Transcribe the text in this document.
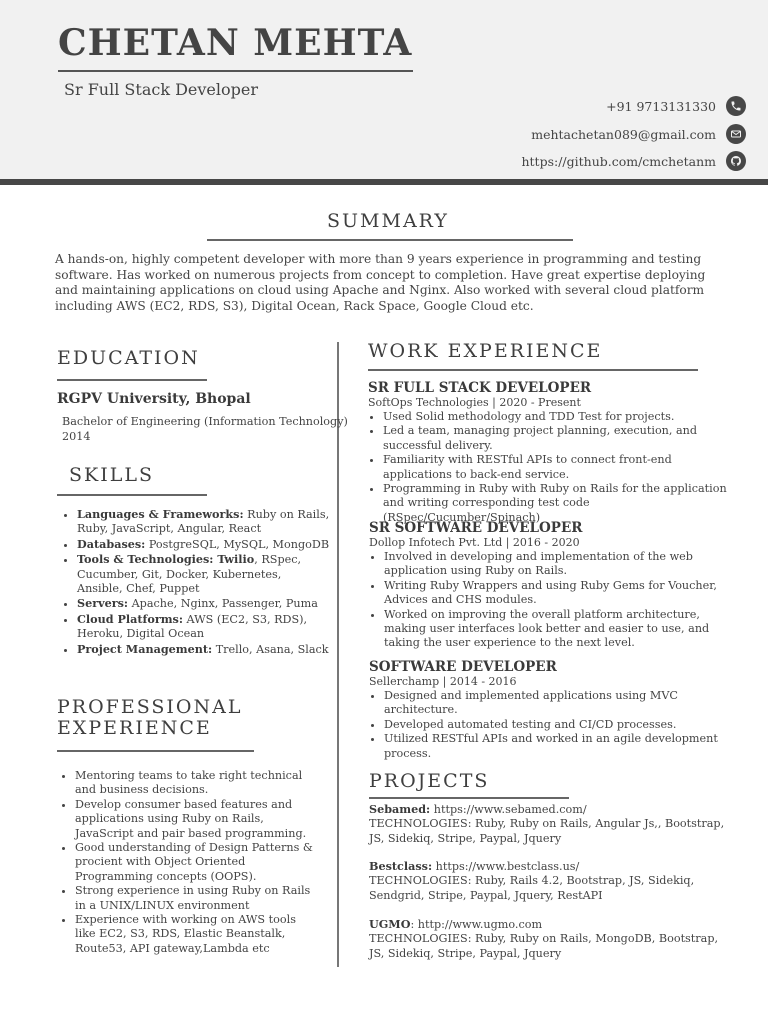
CHETAN MEHTA
Sr Full Stack Developer
+91 9713131330
mehtachetan089@gmail.com
https://github.com/cmchetanm
SUMMARY
A hands-on, highly competent developer with more than 9 years experience in programming and testing software. Has worked on numerous projects from concept to completion. Have great expertise deploying and maintaining applications on cloud using Apache and Nginx. Also worked with several cloud platform including AWS (EC2, RDS, S3), Digital Ocean, Rack Space, Google Cloud etc.
EDUCATION
RGPV University, Bhopal
Bachelor of Engineering (Information Technology)
2014
SKILLS
• Languages & Frameworks: Ruby on Rails, Ruby, JavaScript, Angular, React
• Databases: PostgreSQL, MySQL, MongoDB
• Tools & Technologies: Twilio, RSpec, Cucumber, Git, Docker, Kubernetes, Ansible, Chef, Puppet
• Servers: Apache, Nginx, Passenger, Puma
• Cloud Platforms: AWS (EC2, S3, RDS), Heroku, Digital Ocean
• Project Management: Trello, Asana, Slack
PROFESSIONAL
EXPERIENCE
• Mentoring teams to take right technical and business decisions.
• Develop consumer based features and applications using Ruby on Rails, JavaScript and pair based programming.
• Good understanding of Design Patterns & procient with Object Oriented Programming concepts (OOPS).
• Strong experience in using Ruby on Rails in a UNIX/LINUX environment
• Experience with working on AWS tools like EC2, S3, RDS, Elastic Beanstalk, Route53, API gateway,Lambda etc
WORK EXPERIENCE
SR FULL STACK DEVELOPER
SoftOps Technologies | 2020 - Present
• Used Solid methodology and TDD Test for projects.
• Led a team, managing project planning, execution, and successful delivery.
• Familiarity with RESTful APIs to connect front-end applications to back-end service.
• Programming in Ruby with Ruby on Rails for the application and writing corresponding test code (RSpec/Cucumber/Spinach)
SR SOFTWARE DEVELOPER
Dollop Infotech Pvt. Ltd | 2016 - 2020
• Involved in developing and implementation of the web application using Ruby on Rails.
• Writing Ruby Wrappers and using Ruby Gems for Voucher, Advices and CHS modules.
• Worked on improving the overall platform architecture, making user interfaces look better and easier to use, and taking the user experience to the next level.
SOFTWARE DEVELOPER
Sellerchamp | 2014 - 2016
• Designed and implemented applications using MVC architecture.
• Developed automated testing and CI/CD processes.
• Utilized RESTful APIs and worked in an agile development process.
PROJECTS

Sebamed: https://www.sebamed.com/

TECHNOLOGIES: Ruby, Ruby on Rails, Angular Js,, Bootstrap, JS, Sidekiq, Stripe, Paypal, Jquery

Bestclass: https://www.bestclass.us/

TECHNOLOGIES: Ruby, Rails 4.2, Bootstrap, JS, Sidekiq, Sendgrid, Stripe, Paypal, Jquery, RestAPI

UGMO: http://www.ugmo.com

TECHNOLOGIES: Ruby, Ruby on Rails, MongoDB, Bootstrap, JS, Sidekiq, Stripe, Paypal, Jquery
